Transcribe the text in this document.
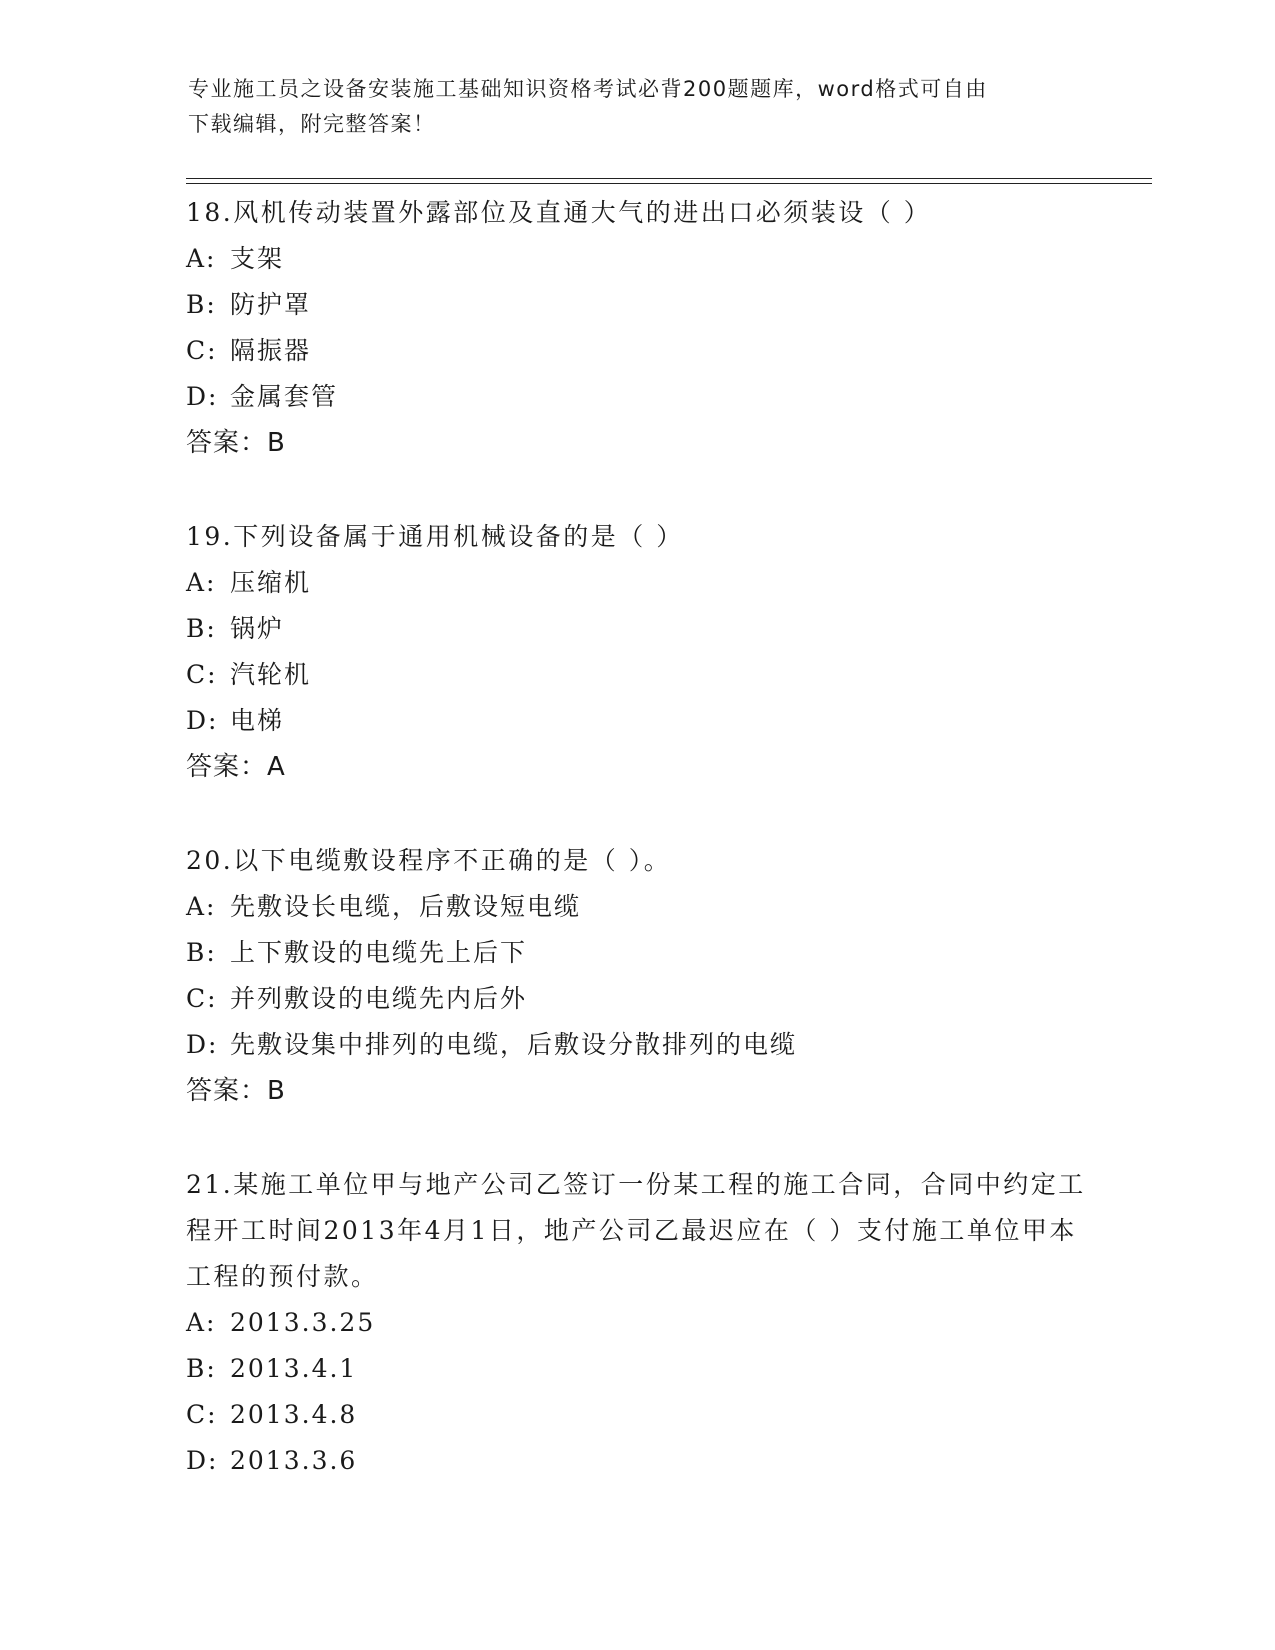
专业施工员之设备安装施工基础知识资格考试必背200题题库，word格式可自由
下载编辑，附完整答案！
18.风机传动装置外露部位及直通大气的进出口必须装设（ ）
A: 支架
B: 防护罩
C: 隔振器
D: 金属套管
答案：B
19.下列设备属于通用机械设备的是（ ）
A: 压缩机
B: 锅炉
C: 汽轮机
D: 电梯
答案：A
20.以下电缆敷设程序不正确的是（ ）。
A: 先敷设长电缆，后敷设短电缆
B: 上下敷设的电缆先上后下
C: 并列敷设的电缆先内后外
D: 先敷设集中排列的电缆，后敷设分散排列的电缆
答案：B
21.某施工单位甲与地产公司乙签订一份某工程的施工合同，合同中约定工程开工时间2013年4月1日，地产公司乙最迟应在（ ）支付施工单位甲本工程的预付款。
A: 2013.3.25
B: 2013.4.1
C: 2013.4.8
D: 2013.3.6
